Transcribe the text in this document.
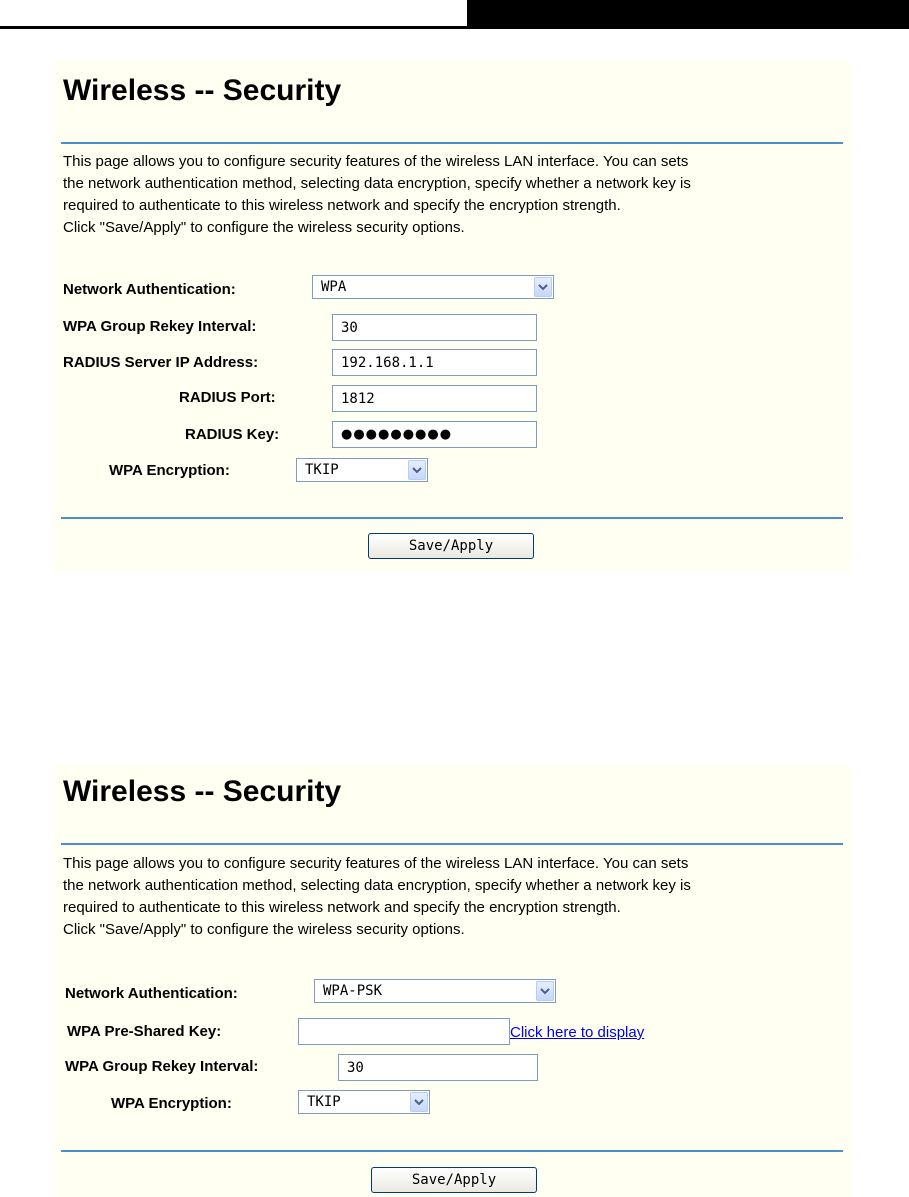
Wireless -- Security

This page allows you to configure security features of the wireless LAN interface. You can sets
the network authentication method, selecting data encryption, specify whether a network key is
required to authenticate to this wireless network and specify the encryption strength.
Click "Save/Apply" to configure the wireless security options.

Network Authentication:	WPA
WPA Group Rekey Interval:
30
RADIUS Server IP Address:
192.168.1.1
RADIUS Port:
1812
RADIUS Key:
●●●●●●●●●
WPA Encryption:	TKIP
Save/Apply
Wireless -- Security

This page allows you to configure security features of the wireless LAN interface. You can sets
the network authentication method, selecting data encryption, specify whether a network key is
required to authenticate to this wireless network and specify the encryption strength.
Click "Save/Apply" to configure the wireless security options.

Network Authentication:	WPA-PSK
WPA Pre-Shared Key:	Click here to display
WPA Group Rekey Interval:
30
WPA Encryption:	TKIP
Save/Apply
